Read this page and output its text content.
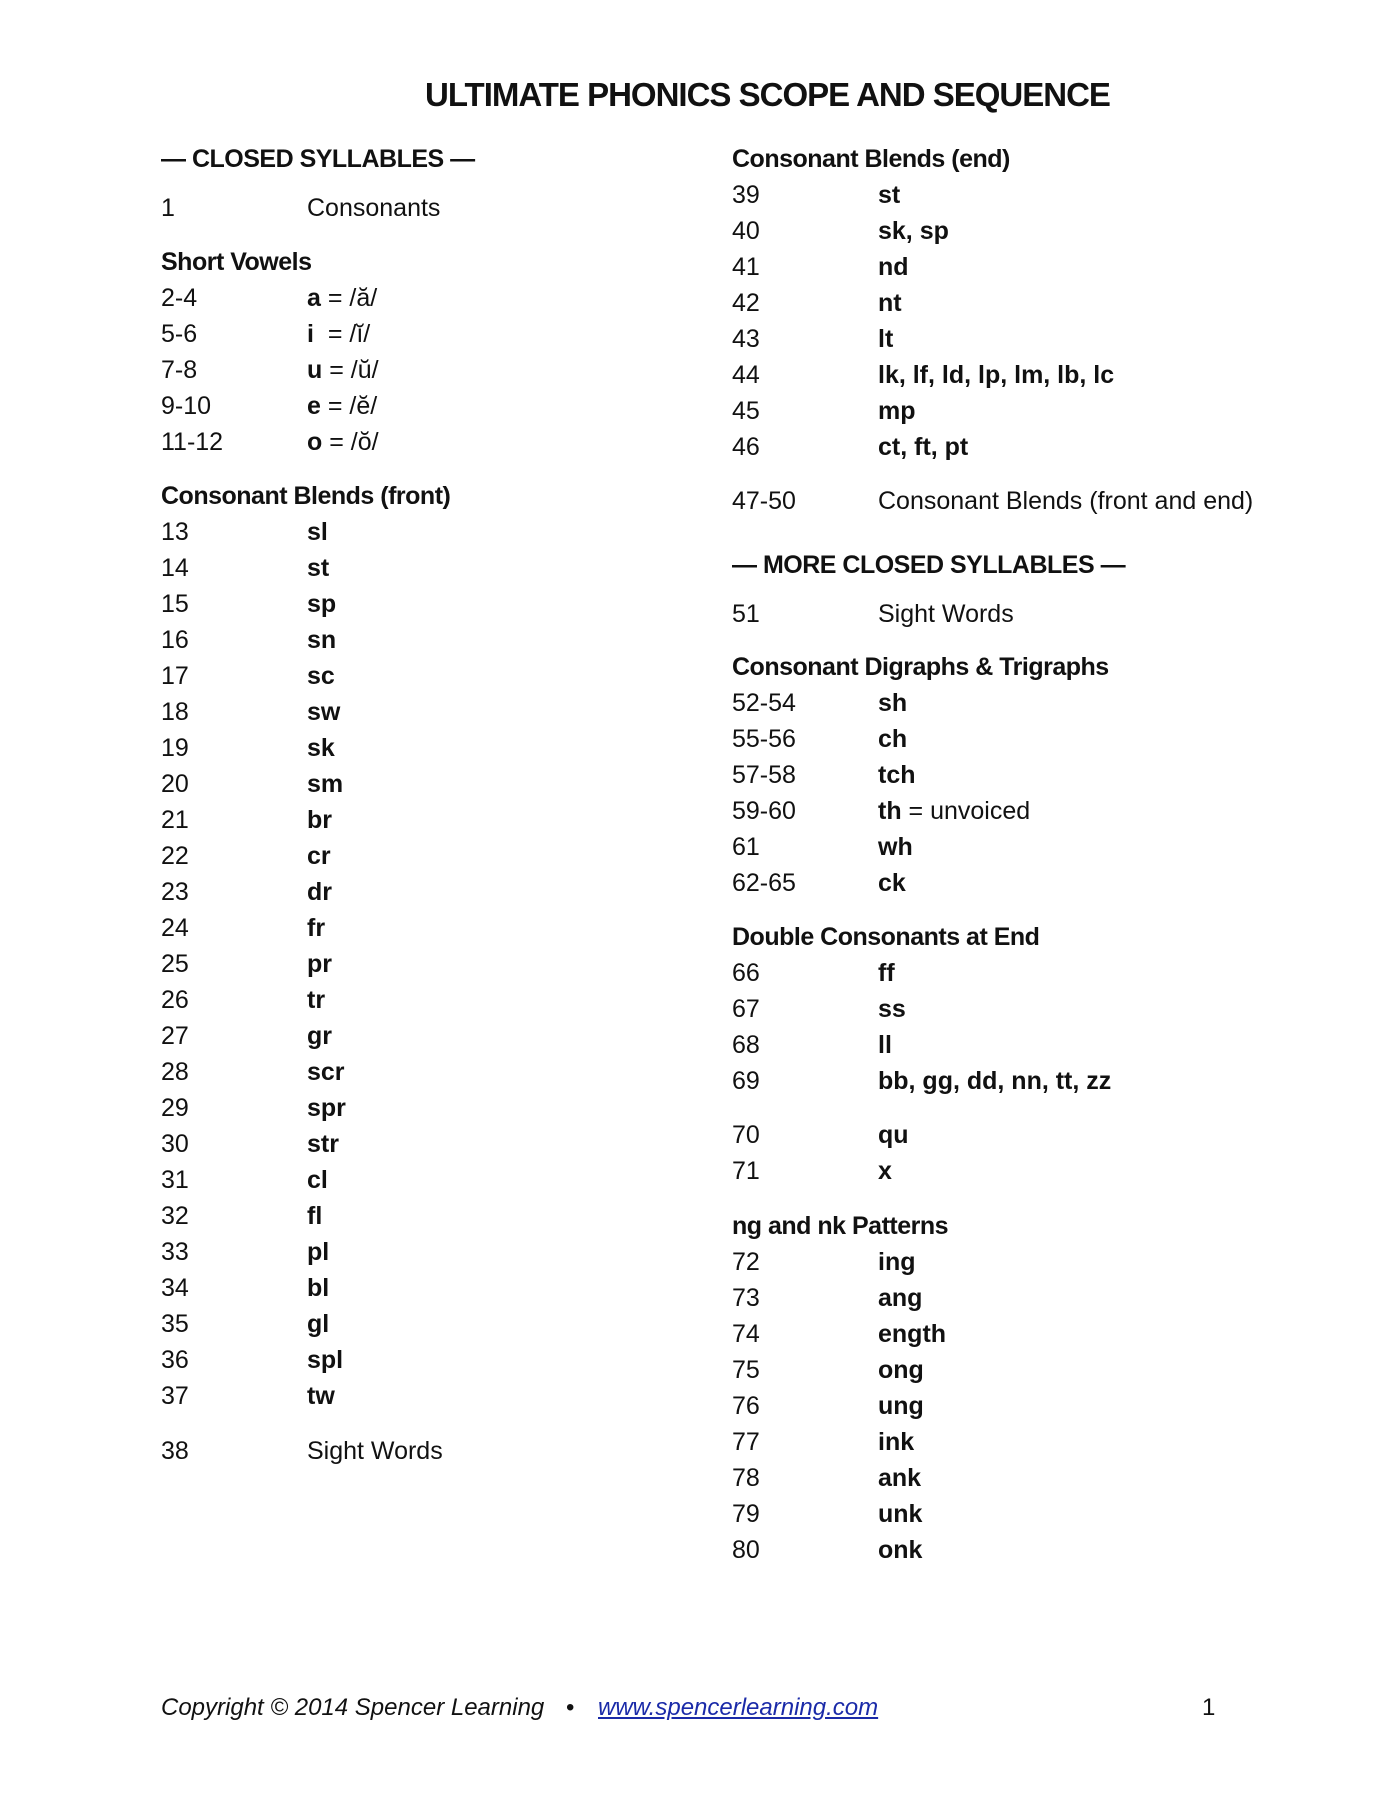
ULTIMATE PHONICS SCOPE AND SEQUENCE
— CLOSED SYLLABLES —
1	Consonants
Short Vowels
2-4	a = /ă/
5-6	i  = /ĭ/
7-8	u = /ŭ/
9-10	e = /ĕ/
11-12	o = /ŏ/
Consonant Blends (front)
13	sl
14	st
15	sp
16	sn
17	sc
18	sw
19	sk
20	sm
21	br
22	cr
23	dr
24	fr
25	pr
26	tr
27	gr
28	scr
29	spr
30	str
31	cl
32	fl
33	pl
34	bl
35	gl
36	spl
37	tw
38	Sight Words
Consonant Blends (end)
39	st
40	sk, sp
41	nd
42	nt
43	lt
44	lk, lf, ld, lp, lm, lb, lc
45	mp
46	ct, ft, pt
47-50	Consonant Blends (front and end)
— MORE CLOSED SYLLABLES —
51	Sight Words
Consonant Digraphs & Trigraphs
52-54	sh
55-56	ch
57-58	tch
59-60	th = unvoiced
61	wh
62-65	ck
Double Consonants at End
66	ff
67	ss
68	ll
69	bb, gg, dd, nn, tt, zz
70	qu
71	x
ng and nk Patterns
72	ing
73	ang
74	ength
75	ong
76	ung
77	ink
78	ank
79	unk
80	onk
Copyright © 2014 Spencer Learning • www.spencerlearning.com	1
